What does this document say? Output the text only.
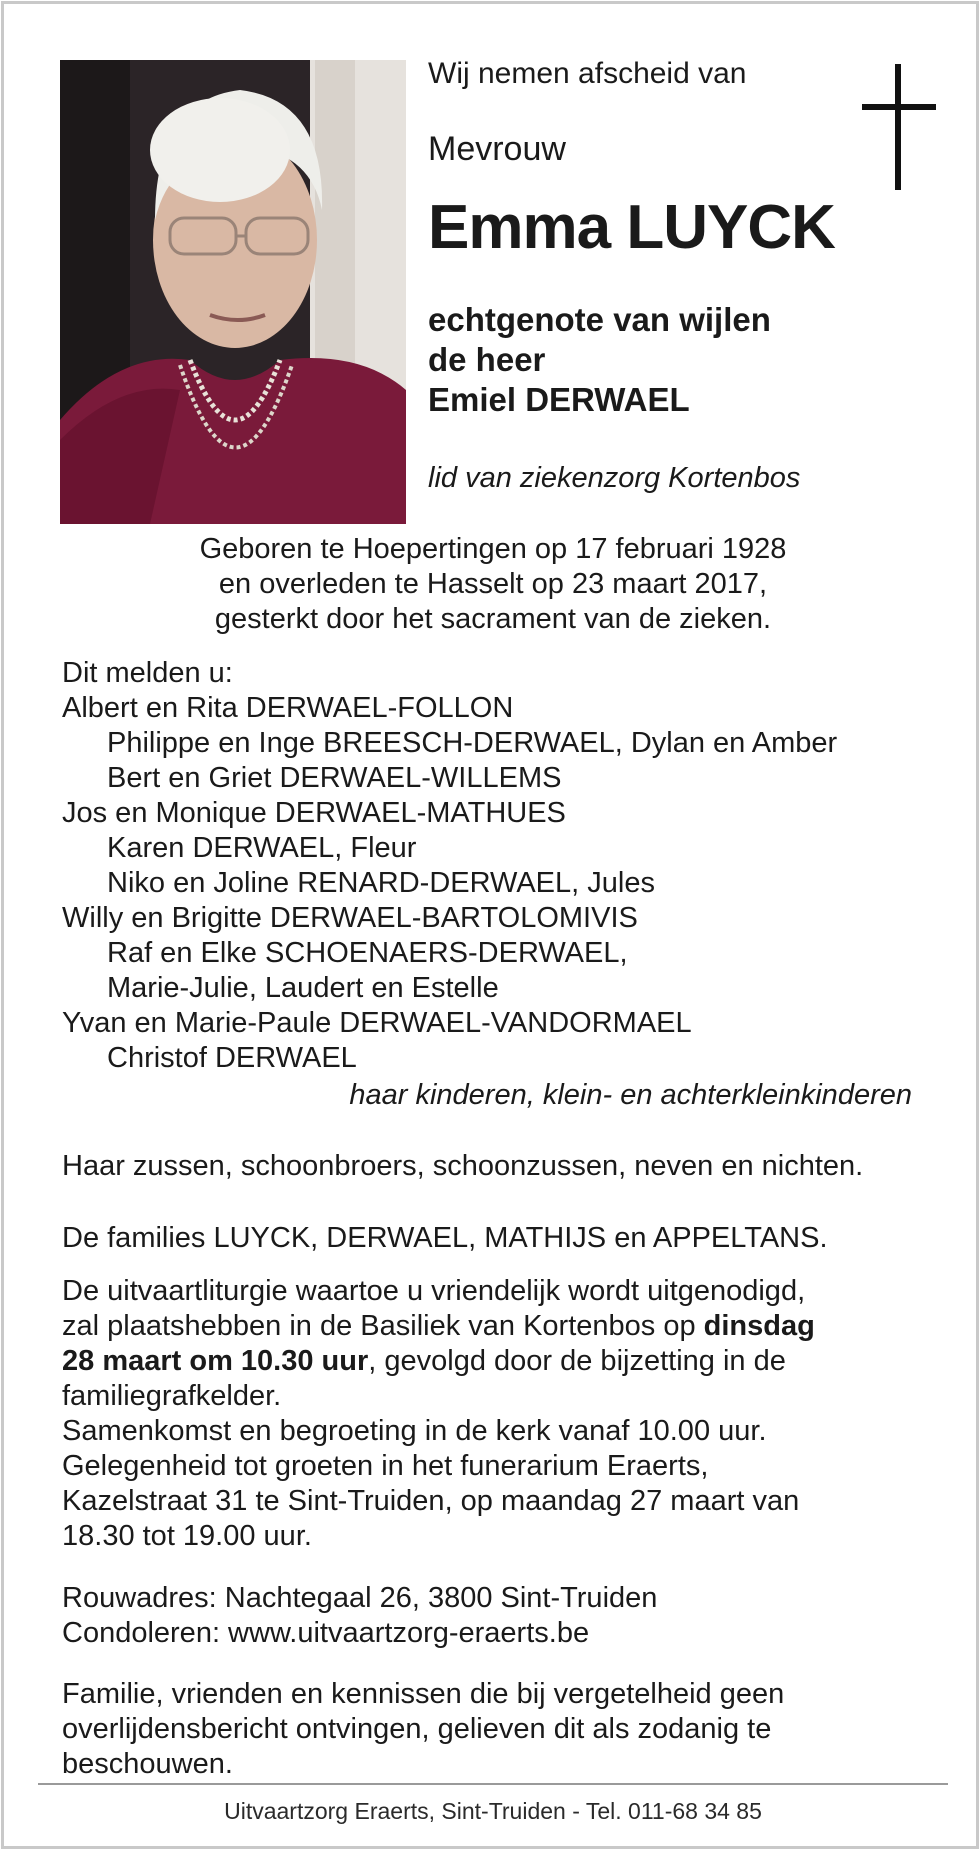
Wij nemen afscheid van
Mevrouw
Emma LUYCK
echtgenote van wijlen
de heer
Emiel DERWAEL
lid van ziekenzorg Kortenbos
Geboren te Hoepertingen op 17 februari 1928
en overleden te Hasselt op 23 maart 2017,
gesterkt door het sacrament van de zieken.
Dit melden u:
Albert en Rita DERWAEL-FOLLON
Philippe en Inge BREESCH-DERWAEL, Dylan en Amber
Bert en Griet DERWAEL-WILLEMS
Jos en Monique DERWAEL-MATHUES
Karen DERWAEL, Fleur
Niko en Joline RENARD-DERWAEL, Jules
Willy en Brigitte DERWAEL-BARTOLOMIVIS
Raf en Elke SCHOENAERS-DERWAEL,
Marie-Julie, Laudert en Estelle
Yvan en Marie-Paule DERWAEL-VANDORMAEL
Christof DERWAEL
haar kinderen, klein- en achterkleinkinderen
Haar zussen, schoonbroers, schoonzussen, neven en nichten.
De families LUYCK, DERWAEL, MATHIJS en APPELTANS.
De uitvaartliturgie waartoe u vriendelijk wordt uitgenodigd,
zal plaatshebben in de Basiliek van Kortenbos op dinsdag
28 maart om 10.30 uur, gevolgd door de bijzetting in de
familiegrafkelder.
Samenkomst en begroeting in de kerk vanaf 10.00 uur.
Gelegenheid tot groeten in het funerarium Eraerts,
Kazelstraat 31 te Sint-Truiden, op maandag 27 maart van
18.30 tot 19.00 uur.
Rouwadres: Nachtegaal 26, 3800 Sint-Truiden
Condoleren: www.uitvaartzorg-eraerts.be
Familie, vrienden en kennissen die bij vergetelheid geen
overlijdensbericht ontvingen, gelieven dit als zodanig te
beschouwen.
Uitvaartzorg Eraerts, Sint-Truiden - Tel. 011-68 34 85
